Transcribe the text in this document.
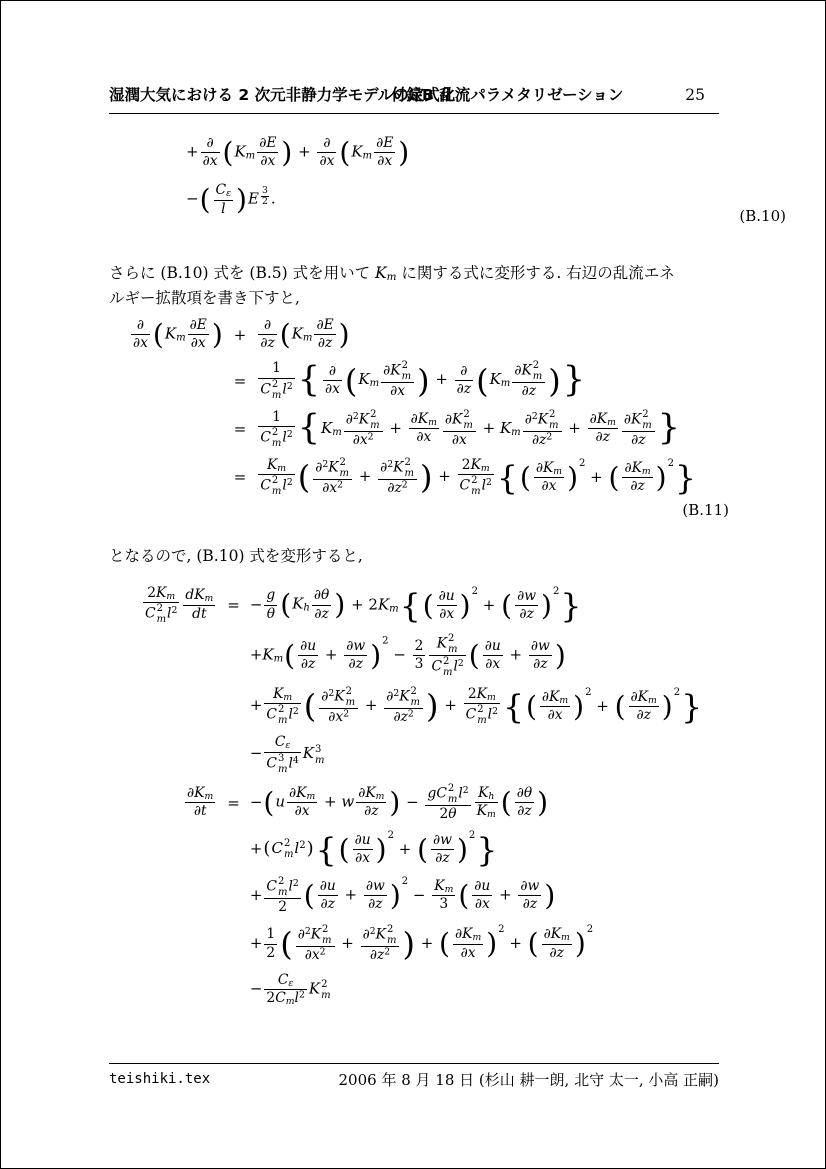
湿潤大気における 2 次元非静力学モデルの定式化
付録B 乱流パラメタリゼーション	25
+ ∂
∂x ( Km $\frac{\partial E}{\partial x}$ ) + ∂
∂x ( Km $\frac{\partial E}{\partial x}$ )
− ( $\frac{C\varepsilon}{l}$ ) E $^{\frac{3}{2}}$ .
(B.10)
さらに (B.10) 式を (B.5) 式を用いて Km に関する式に変形する. 右辺の乱流エネ
ルギー拡散項を書き下すと,
∂
∂x ( Km $\frac{\partial E}{\partial x}$ ) +
∂
∂z ( Km $\frac{\partial E}{\partial z}$ )
= 1
C 2
m $l^2$ { ∂
∂x ( Km ∂K 2
m
∂x ) + ∂
∂z ( Km ∂K 2
m
∂z ) }
= 1
C 2
m $l^2$ { Km ∂$^2$K 2
m
$\partial x^2 + \frac{\partial Km}{\partial x} \partial K$ 2
m
∂x + Km ∂$^2$K 2
m
$\partial z^2 + \frac{\partial Km}{\partial z} \partial K$ 2
m
∂z }
= Km
C 2
m $l^2$ ( ∂$^2$K 2
m
$\partial x^2 + \partial^2K$ 2
m
$\partial z^2$ ) + 2Km
C 2
m $l^2$ { ( $\frac{\partial Km}{\partial x}$ ) $^2$ + ( $\frac{\partial Km}{\partial z}$ ) $^2$ }
(B.11)
となるので, (B.10) 式を変形すると,
2Km
C 2
m $l^2$ dKm
dt	= − $\frac{g}{\theta}$ ( Kh $\frac{\partial\theta}{\partial z}$ ) + 2Km { ( $\frac{\partial u}{\partial x}$ ) $^2$ + ( $\frac{\partial w}{\partial z}$ ) $^2$ }
+Km ( $\frac{\partial u}{\partial z} + \frac{\partial w}{\partial z}$ ) $^2 - \frac{2}{3}$ K 2
m
C 2
m $l^2$ ( $\frac{\partial u}{\partial x} + \frac{\partial w}{\partial z}$ )
+ Km
C 2
m $l^2$ ( ∂$^2$K 2
m
$\partial x^2 + \partial^2K$ 2
m
$\partial z^2$ ) + 2Km
C 2
m $l^2$ { ( $\frac{\partial Km}{\partial x}$ ) $^2$ + ( $\frac{\partial Km}{\partial z}$ ) $^2$ }
− Cε
C 3
m $l^4$ K 3
m
$\frac{\partial Km}{\partial t}$ = − ( u $\frac{\partial Km}{\partial x} + w \frac{\partial Km}{\partial z}$ ) − gC 2
m $l^2$
$2\overline{\theta} \frac{Kh}{Km}$ ( $\frac{\partial\theta}{\partial z}$ )
+ ( C 2
m $l^2$ ) { ( $\frac{\partial u}{\partial x}$ ) $^2$ + ( $\frac{\partial w}{\partial z}$ ) $^2$ }
+ C 2
m $l^2$
2 ( $\frac{\partial u}{\partial z} + \frac{\partial w}{\partial z}$ ) $^2 - \frac{Km}{3}$ ( $\frac{\partial u}{\partial x} + \frac{\partial w}{\partial z}$ )
+ $\frac{1}{2}$ ( ∂$^2$K 2
m
$\partial x^2 + \partial^2K$ 2
m
$\partial z^2$ ) + ( $\frac{\partial Km}{\partial x}$ ) $^2$ + ( $\frac{\partial Km}{\partial z}$ ) $^2$
−	Cε
2Cml$^2$ K 2
m
teishiki.tex	2006 年 8 月 18 日 (杉山 耕一朗, 北守 太一, 小高 正嗣)
